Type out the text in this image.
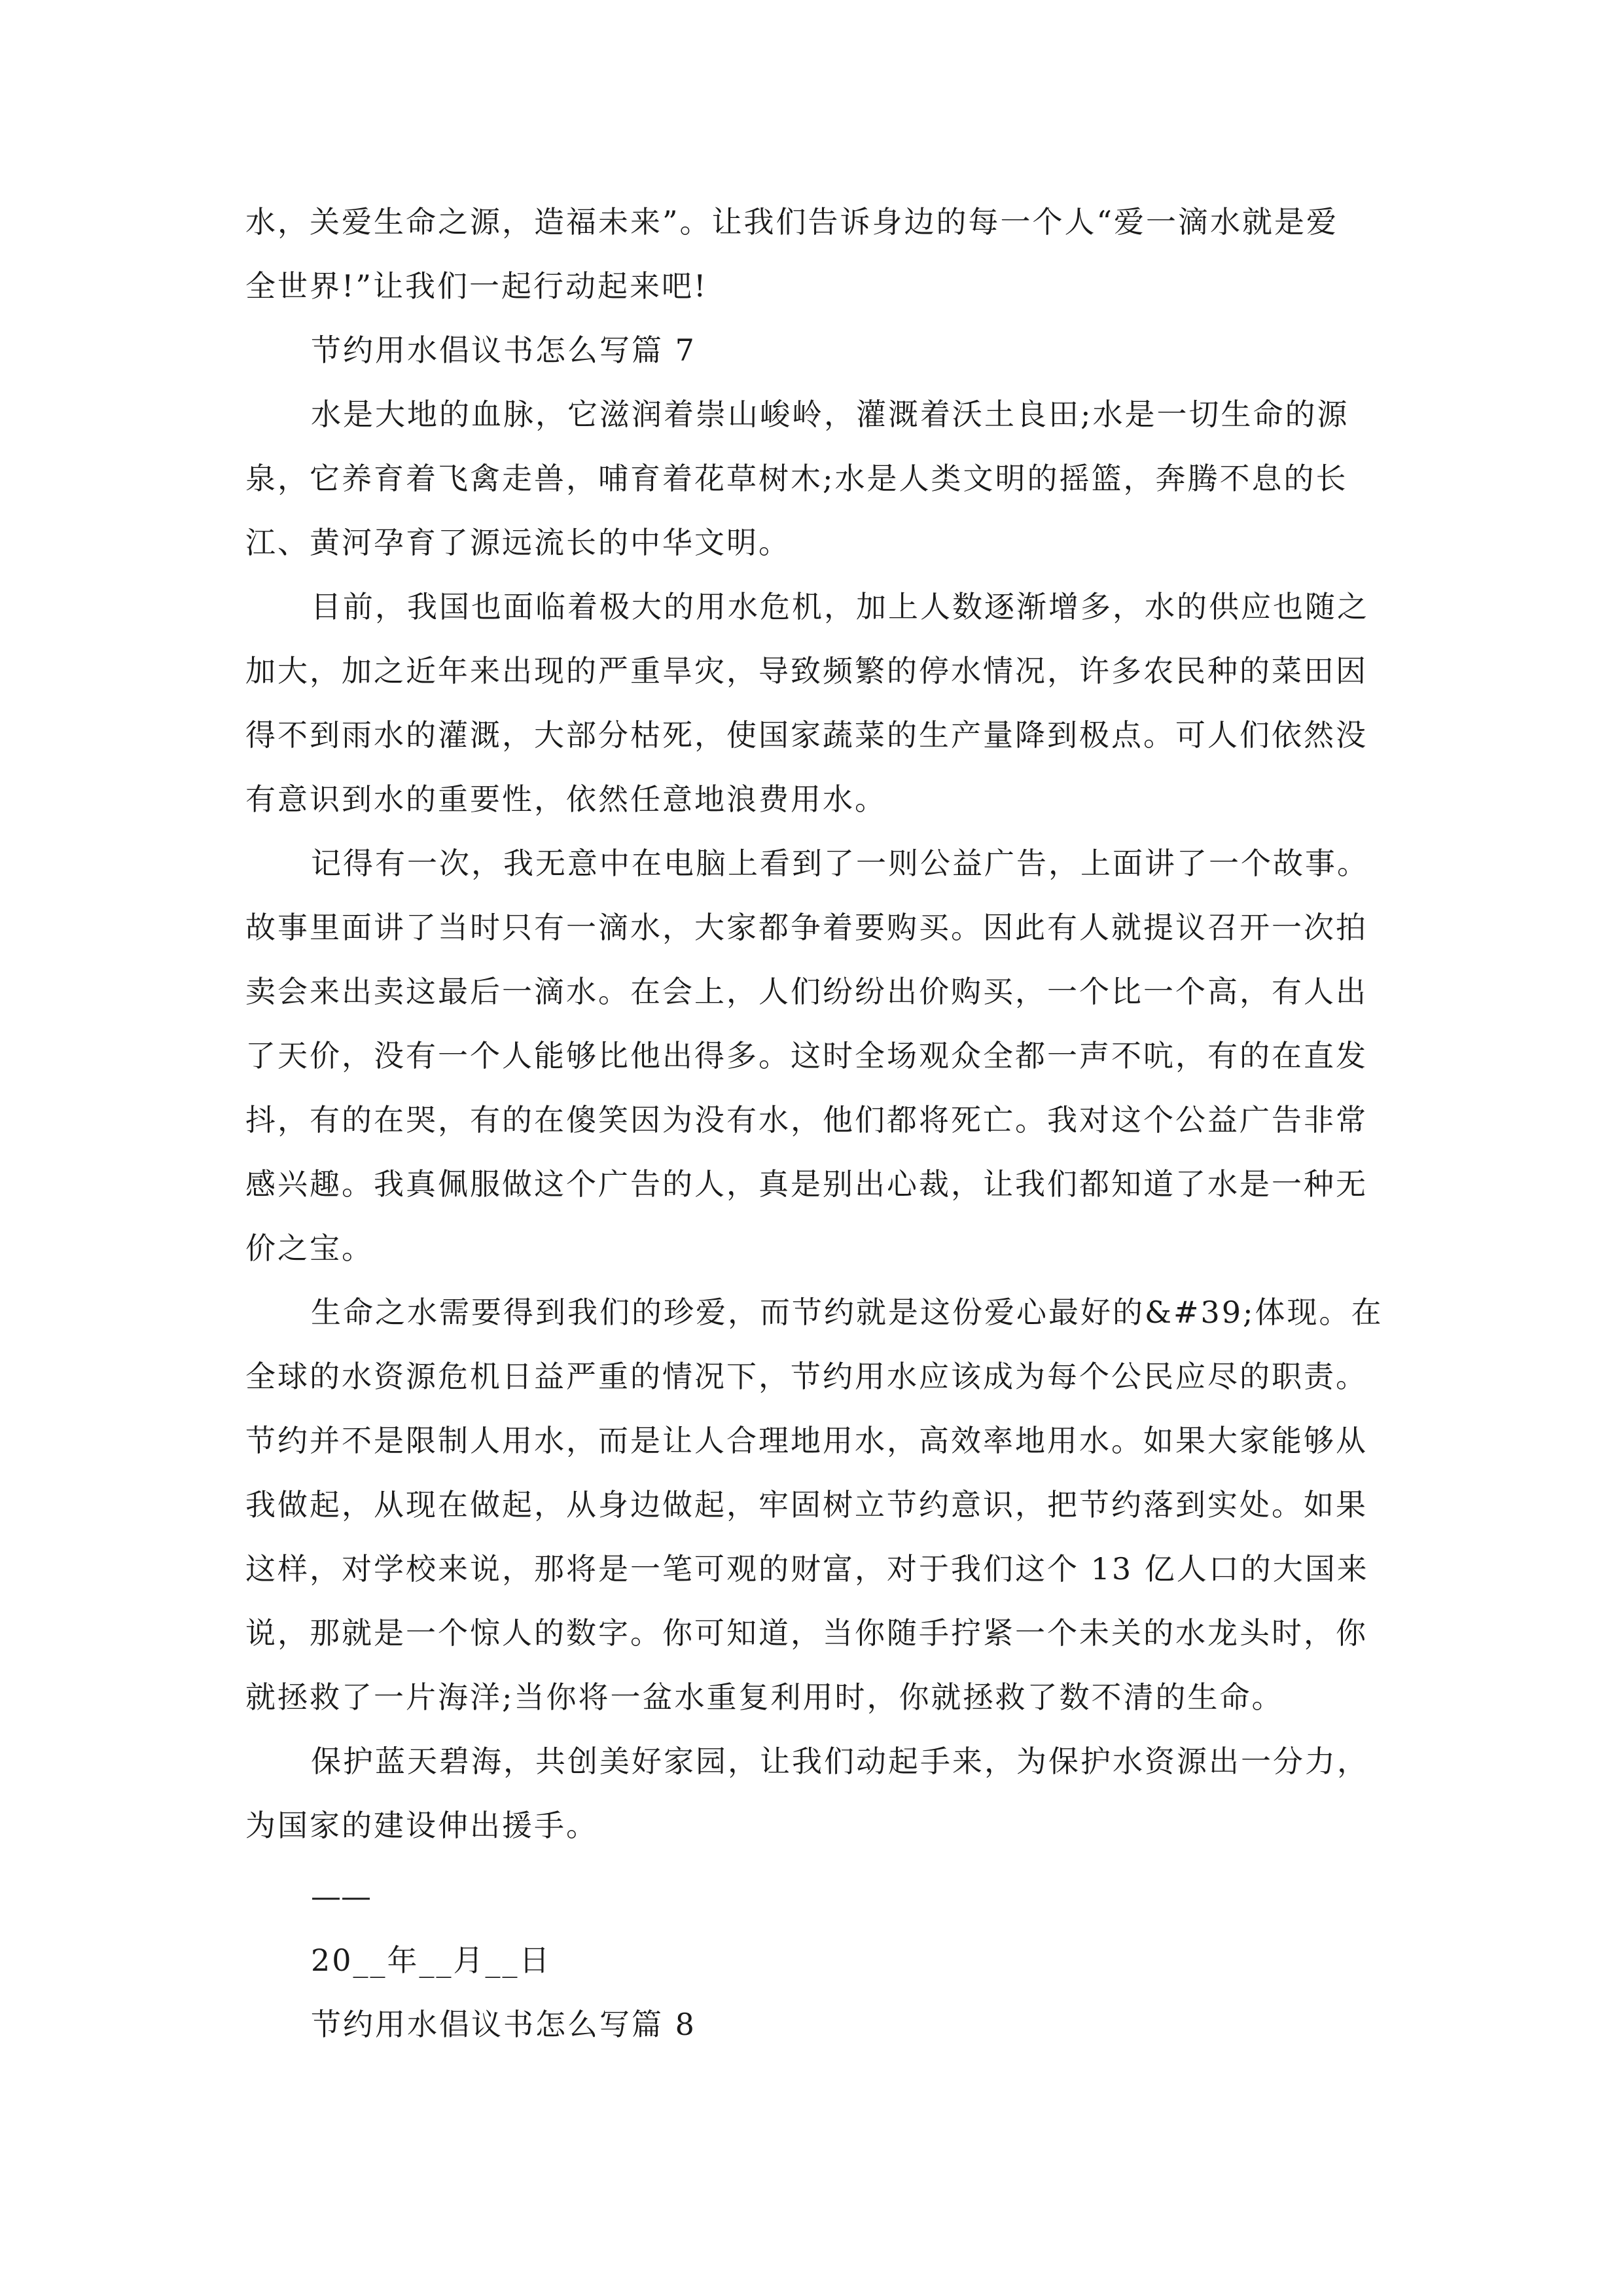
水，关爱生命之源，造福未来”。让我们告诉身边的每一个人“爱一滴水就是爱
全世界!”让我们一起行动起来吧!
节约用水倡议书怎么写篇 7
水是大地的血脉，它滋润着崇山峻岭，灌溉着沃土良田;水是一切生命的源
泉，它养育着飞禽走兽，哺育着花草树木;水是人类文明的摇篮，奔腾不息的长
江、黄河孕育了源远流长的中华文明。
目前，我国也面临着极大的用水危机，加上人数逐渐增多，水的供应也随之
加大，加之近年来出现的严重旱灾，导致频繁的停水情况，许多农民种的菜田因
得不到雨水的灌溉，大部分枯死，使国家蔬菜的生产量降到极点。可人们依然没
有意识到水的重要性，依然任意地浪费用水。
记得有一次，我无意中在电脑上看到了一则公益广告，上面讲了一个故事。
故事里面讲了当时只有一滴水，大家都争着要购买。因此有人就提议召开一次拍
卖会来出卖这最后一滴水。在会上，人们纷纷出价购买，一个比一个高，有人出
了天价，没有一个人能够比他出得多。这时全场观众全都一声不吭，有的在直发
抖，有的在哭，有的在傻笑因为没有水，他们都将死亡。我对这个公益广告非常
感兴趣。我真佩服做这个广告的人，真是别出心裁，让我们都知道了水是一种无
价之宝。
生命之水需要得到我们的珍爱，而节约就是这份爱心最好的&#39;体现。在
全球的水资源危机日益严重的情况下，节约用水应该成为每个公民应尽的职责。
节约并不是限制人用水，而是让人合理地用水，高效率地用水。如果大家能够从
我做起，从现在做起，从身边做起，牢固树立节约意识，把节约落到实处。如果
这样，对学校来说，那将是一笔可观的财富，对于我们这个 13 亿人口的大国来
说，那就是一个惊人的数字。你可知道，当你随手拧紧一个未关的水龙头时，你
就拯救了一片海洋;当你将一盆水重复利用时，你就拯救了数不清的生命。
保护蓝天碧海，共创美好家园，让我们动起手来，为保护水资源出一分力，
为国家的建设伸出援手。
——
20__年__月__日
节约用水倡议书怎么写篇 8
